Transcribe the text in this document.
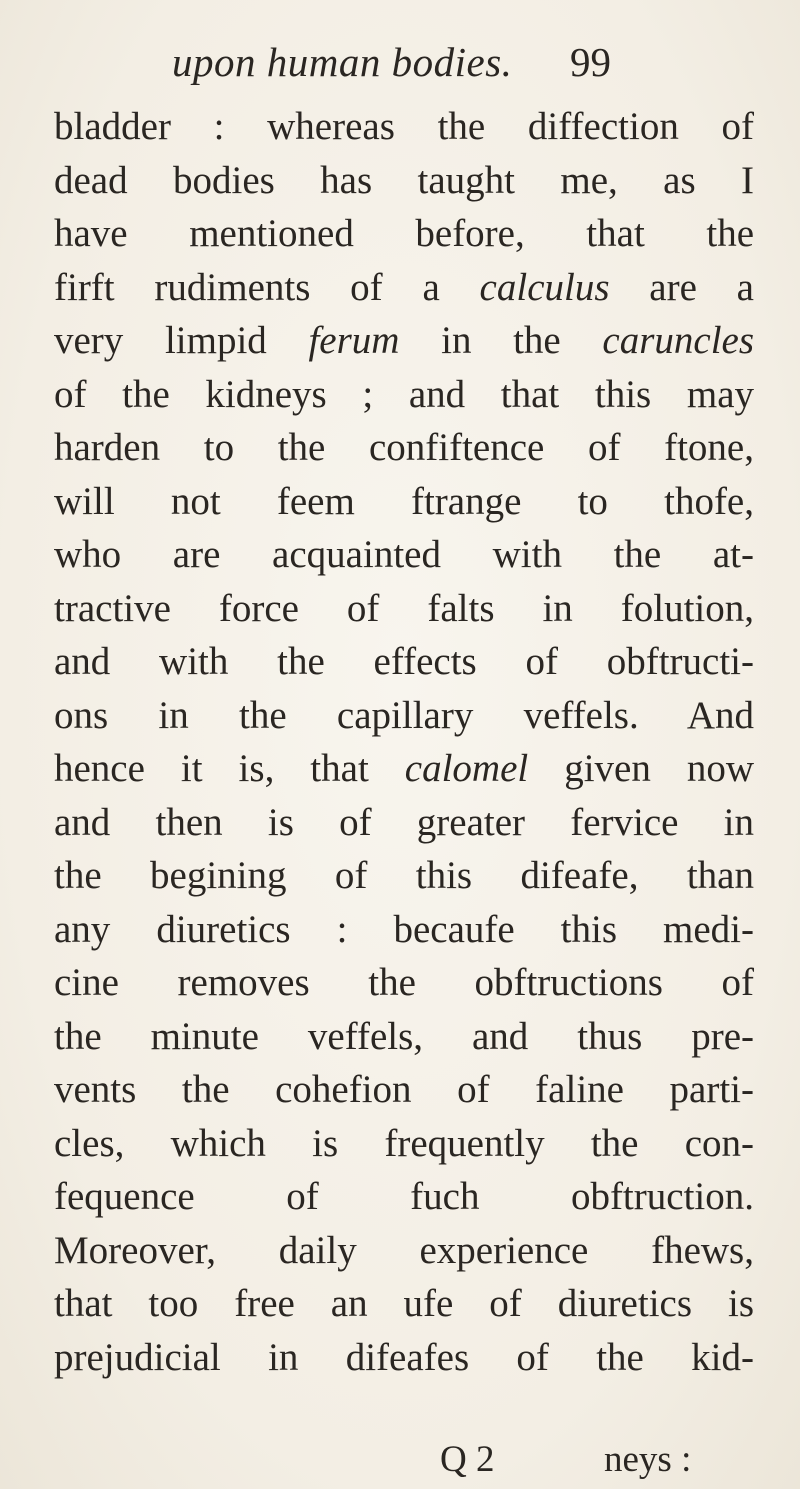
upon human bodies. 99
bladder : whereas the diffection of
dead bodies has taught me, as I
have mentioned before, that the
firft rudiments of a calculus are a
very limpid ferum in the caruncles
of the kidneys ; and that this may
harden to the confiftence of ftone,
will not feem ftrange to thofe,
who are acquainted with the at-
tractive force of falts in folution,
and with the effects of obftructi-
ons in the capillary veffels. And
hence it is, that calomel given now
and then is of greater fervice in
the begining of this difeafe, than
any diuretics : becaufe this medi-
cine removes the obftructions of
the minute veffels, and thus pre-
vents the cohefion of faline parti-
cles, which is frequently the con-
fequence of fuch obftruction.
Moreover, daily experience fhews,
that too free an ufe of diuretics is
prejudicial in difeafes of the kid-
Q 2	neys :
